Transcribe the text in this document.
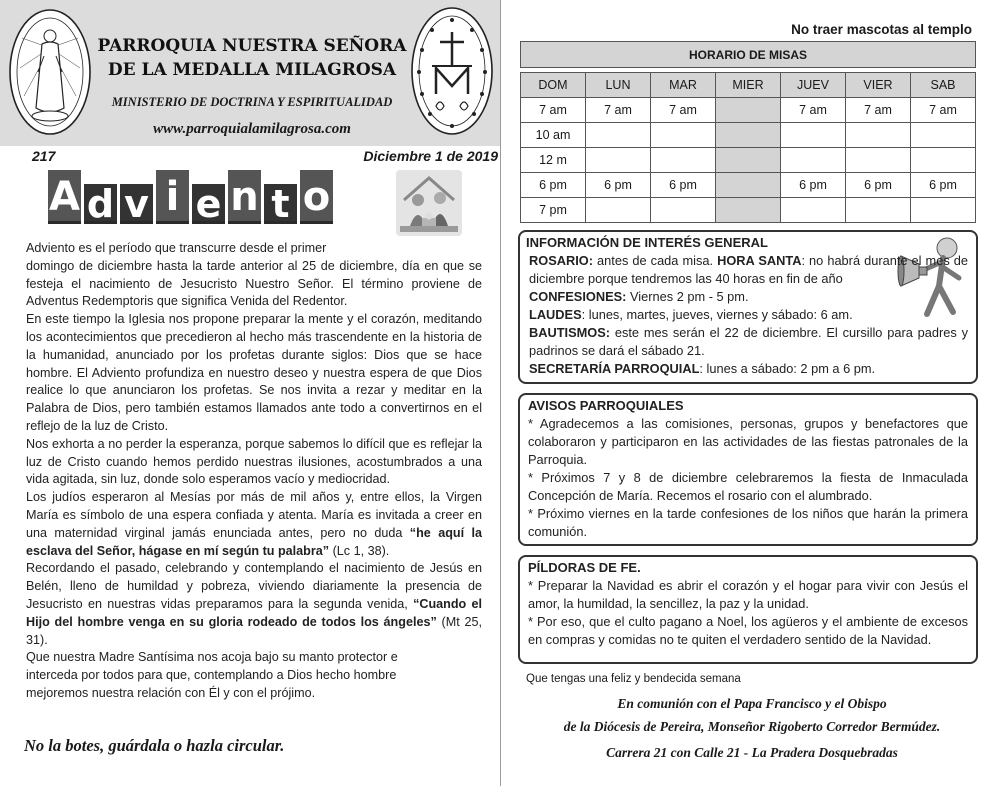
PARROQUIA NUESTRA SEÑORA
DE LA MEDALLA MILAGROSA
MINISTERIO DE DOCTRINA Y ESPIRITUALIDAD
www.parroquialamilagrosa.com
217	Diciembre 1 de 2019
A d v i e n t o

Adviento es el período que transcurre desde el primer

domingo de diciembre hasta la tarde anterior al 25 de diciembre, día en que se festeja el nacimiento de Jesucristo Nuestro Señor. El término proviene de Adventus Redemptoris que significa Venida del Redentor.

En este tiempo la Iglesia nos propone preparar la mente y el corazón, meditando los acontecimientos que precedieron al hecho más trascendente en la historia de la humanidad, anunciado por los profetas durante siglos: Dios que se hace hombre. El Adviento profundiza en nuestro deseo y nuestra espera de que Dios realice lo que anunciaron los profetas. Se nos invita a rezar y meditar en la Palabra de Dios, pero también estamos llamados ante todo a convertirnos en el reflejo de la luz de Cristo.

Nos exhorta a no perder la esperanza, porque sabemos lo difícil que es reflejar la luz de Cristo cuando hemos perdido nuestras ilusiones, acostumbrados a una vida agitada, sin luz, donde solo esperamos vacío y mediocridad.

Los judíos esperaron al Mesías por más de mil años y, entre ellos, la Virgen María es símbolo de una espera confiada y atenta. María es invitada a creer en una maternidad virginal jamás enunciada antes, pero no duda “he aquí la esclava del Señor, hágase en mí según tu palabra” (Lc 1, 38).

Recordando el pasado, celebrando y contemplando el nacimiento de Jesús en Belén, lleno de humildad y pobreza, viviendo diariamente la presencia de Jesucristo en nuestras vidas preparamos para la segunda venida, “Cuando el Hijo del hombre venga en su gloria rodeado de todos los ángeles” (Mt 25, 31).

Que nuestra Madre Santísima nos acoja bajo su manto protector e

interceda por todos para que, contemplando a Dios hecho hombre

mejoremos nuestra relación con Él y con el prójimo.

No la botes, guárdala o hazla circular.
No traer mascotas al templo
HORARIO DE MISAS						

DOM	LUN	MAR	MIER	JUEV	VIER	SAB
7 am	7 am	7 am		7 am	7 am	7 am
10 am						
12 m						
6 pm	6 pm	6 pm		6 pm	6 pm	6 pm
7 pm						
INFORMACIÓN DE INTERÉS GENERAL

ROSARIO: antes de cada misa. HORA SANTA: no habrá durante el mes de diciembre porque tendremos las 40 horas en fin de año

CONFESIONES: Viernes 2 pm - 5 pm.

LAUDES: lunes, martes, jueves, viernes y sábado: 6 am.

BAUTISMOS: este mes serán el 22 de diciembre. El cursillo para padres y padrinos se dará el sábado 21.

SECRETARÍA PARROQUIAL: lunes a sábado: 2 pm a 6 pm.

AVISOS PARROQUIALES

* Agradecemos a las comisiones, personas, grupos y benefactores que colaboraron y participaron en las actividades de las fiestas patronales de la Parroquia.

* Próximos 7 y 8 de diciembre celebraremos la fiesta de Inmaculada Concepción de María. Recemos el rosario con el alumbrado.

* Próximo viernes en la tarde confesiones de los niños que harán la primera comunión.

PÍLDORAS DE FE.

* Preparar la Navidad es abrir el corazón y el hogar para vivir con Jesús el amor, la humildad, la sencillez, la paz y la unidad.

* Por eso, que el culto pagano a Noel, los agüeros y el ambiente de excesos en compras y comidas no te quiten el verdadero sentido de la Navidad.

Que tengas una feliz y bendecida semana
En comunión con el Papa Francisco y el Obispo
de la Diócesis de Pereira, Monseñor Rigoberto Corredor Bermúdez.
Carrera 21 con Calle 21 - La Pradera Dosquebradas
